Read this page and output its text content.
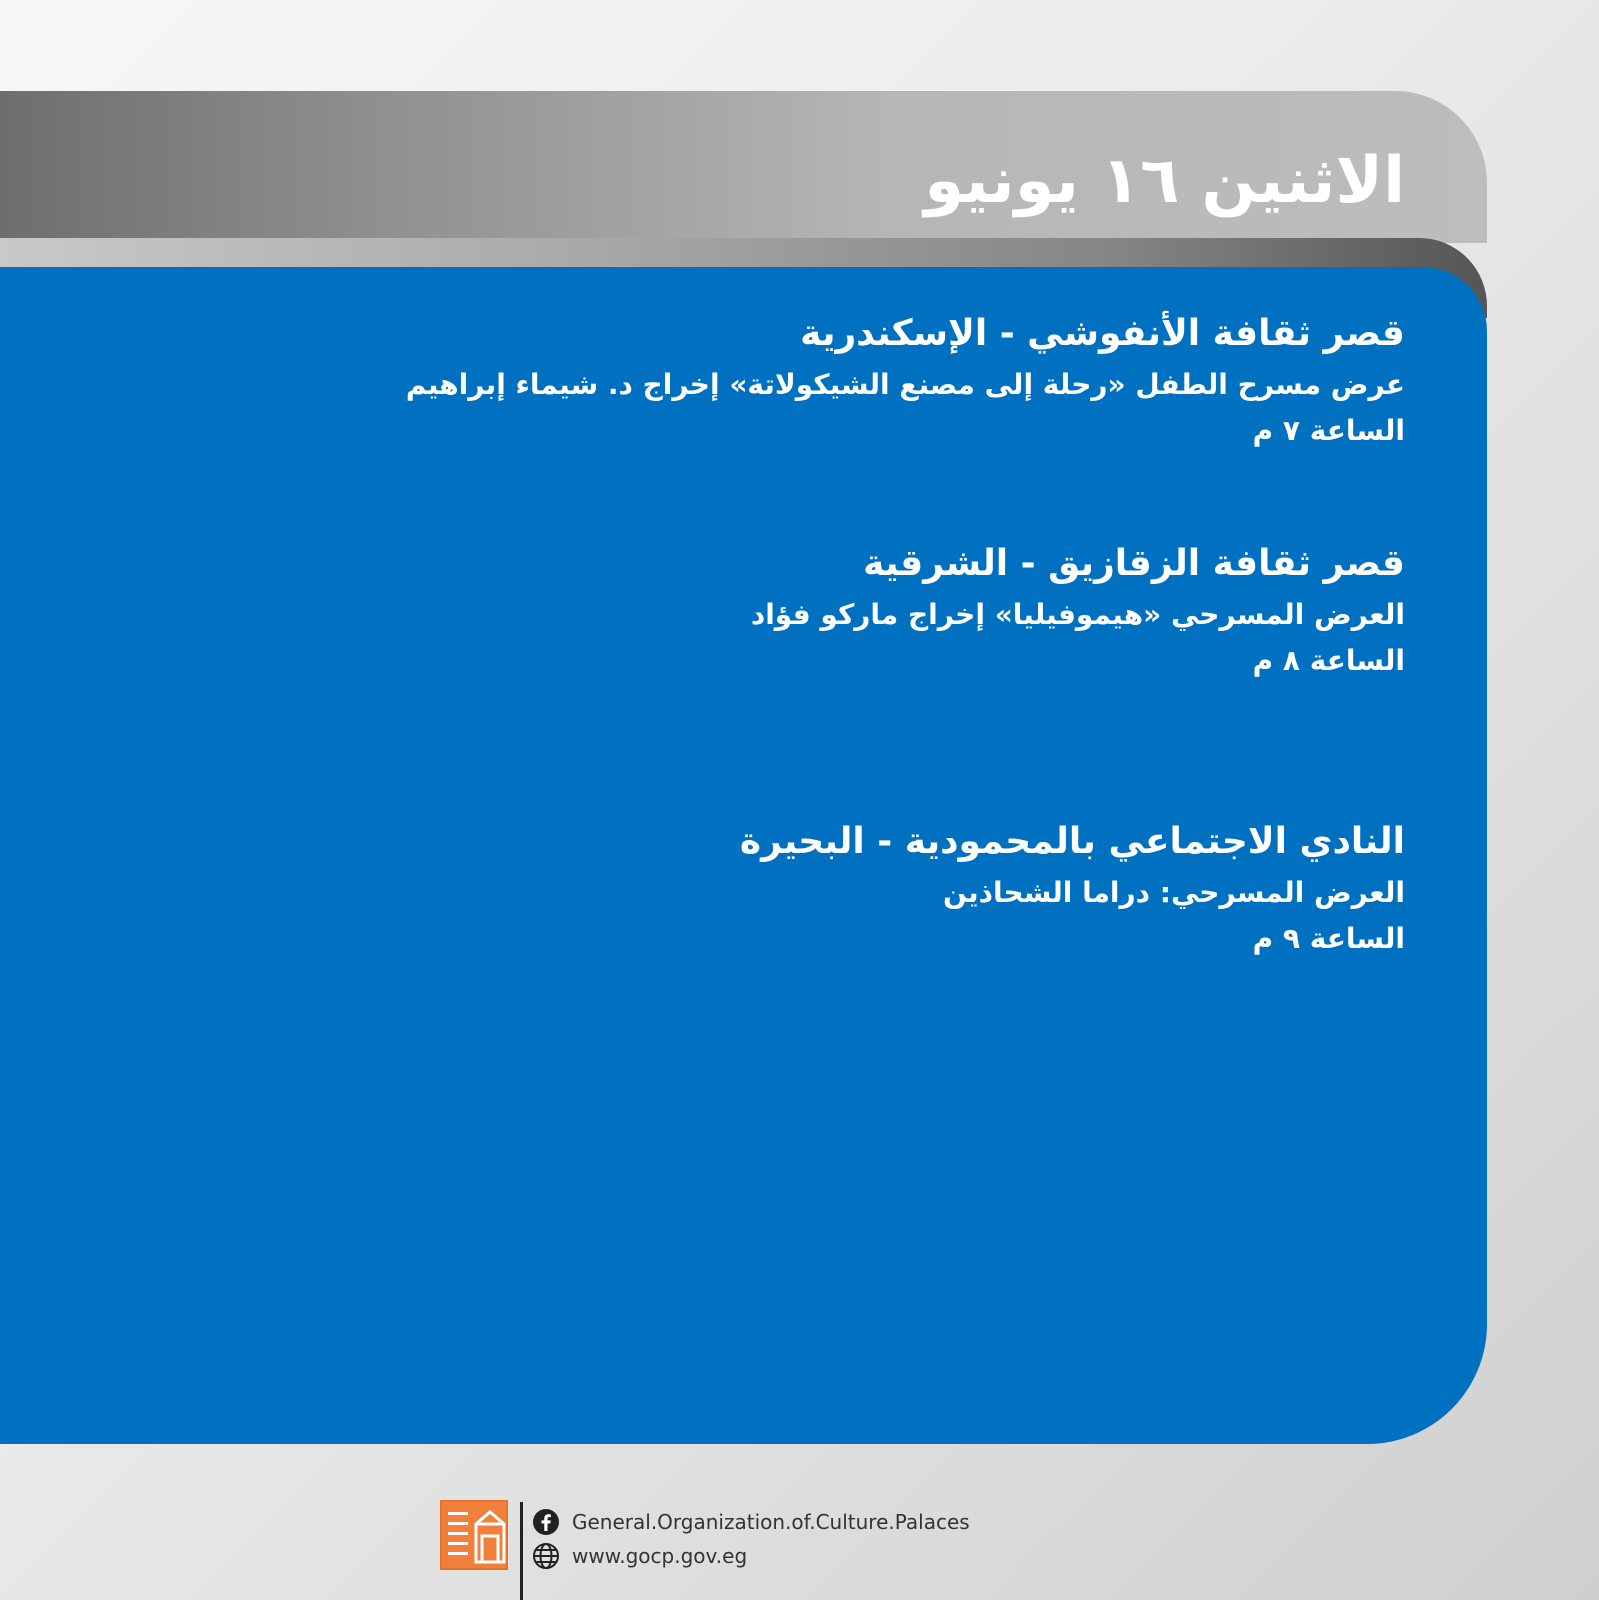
الاثنين ١٦ يونيو
قصر ثقافة الأنفوشي - الإسكندرية
عرض مسرح الطفل «رحلة إلى مصنع الشيكولاتة» إخراج د. شيماء إبراهيم
الساعة ٧ م
قصر ثقافة الزقازيق - الشرقية
العرض المسرحي «هيموفيليا» إخراج ماركو فؤاد
الساعة ٨ م
النادي الاجتماعي بالمحمودية - البحيرة
العرض المسرحي: دراما الشحاذين
الساعة ٩ م
General.Organization.of.Culture.Palaces
www.gocp.gov.eg
